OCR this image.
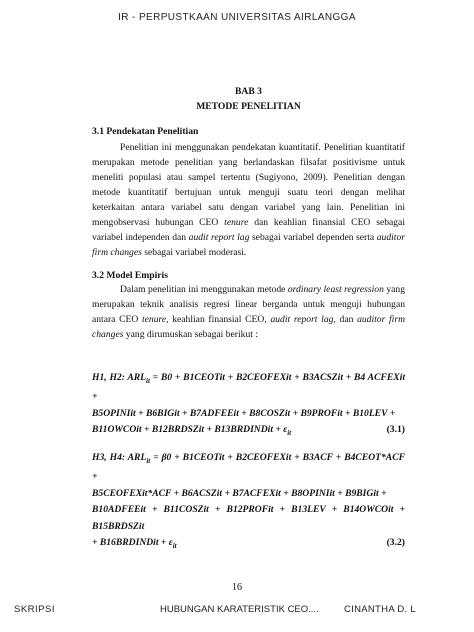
IR - PERPUSTKAAN UNIVERSITAS AIRLANGGA
BAB 3
METODE PENELITIAN
3.1 Pendekatan Penelitian

Penelitian ini menggunakan pendekatan kuantitatif. Penelitian kuantitatif merupakan metode penelitian yang berlandaskan filsafat positivisme untuk meneliti populasi atau sampel tertentu (Sugiyono, 2009). Penelitian dengan metode kuantitatif bertujuan untuk menguji suatu teori dengan melihat keterkaitan antara variabel satu dengan variabel yang lain. Penelitian ini mengobservasi hubungan CEO tenure dan keahlian finansial CEO sebagai variabel independen dan audit report lag sebagai variabel dependen serta auditor firm changes sebagai variabel moderasi.

3.2 Model Empiris

Dalam penelitian ini menggunakan metode ordinary least regression yang merupakan teknik analisis regresi linear berganda untuk menguji hubungan antara CEO tenure, keahlian finansial CEO, audit report lag, dan auditor firm changes yang dirumuskan sebagai berikut :

H1, H2: $ARL_{it} = B0$ + B1CEOTit + B2CEOFEXit + B3ACSZit + B4 ACFEXit +
B5OPINIit + B6BIGit + B7ADFEEit + B8COSZit + B9PROFit + B10LEV +
B11OWCOit + B12BRDSZit + B13BRDINDit + $\varepsilon_{it}$	(3.1)
H3, H4: $ARL_{it} = \beta 0$ + B1CEOTit + B2CEOFEXit + B3ACF + B4CEOT*ACF +
B5CEOFEXit*ACF + B6ACSZit + B7ACFEXit + B8OPINIit + B9BIGit +
B10ADFEEit + B11COSZit + B12PROFit + B13LEV + B14OWCOit + B15BRDSZit
+ B16BRDINDit + $\varepsilon_{it}$	(3.2)
16
SKRIPSI	HUBUNGAN KARATERISTIK CEO....	CINANTHA D. L
